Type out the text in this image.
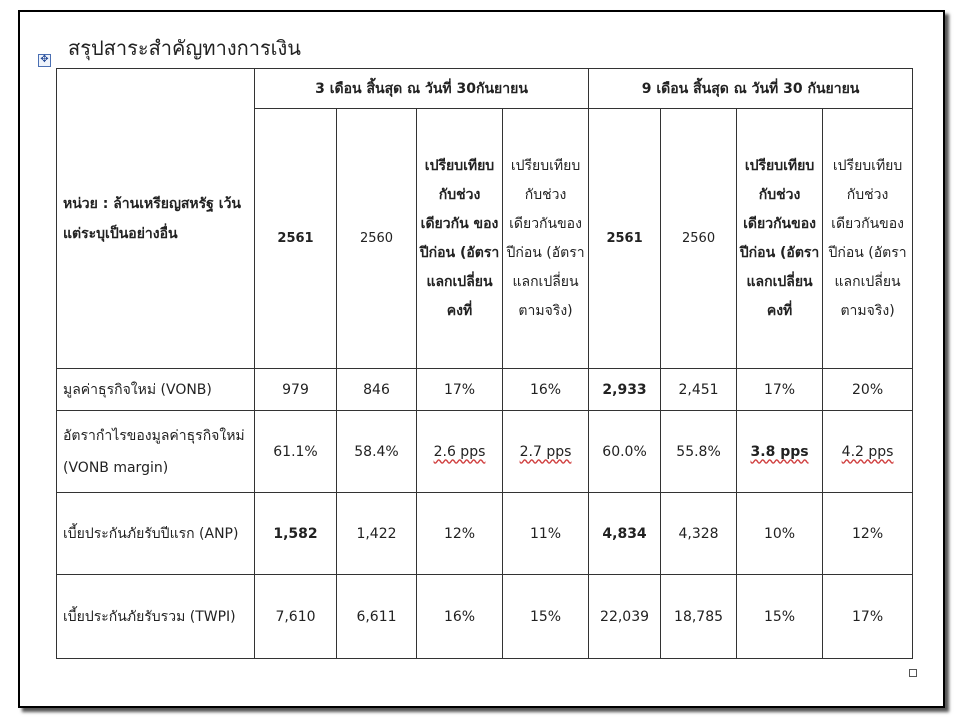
สรุปสาระสำคัญทางการเงิน
✥
หน่วย : ล้านเหรียญสหรัฐ เว้นแต่ระบุเป็นอย่างอื่น	3 เดือน สิ้นสุด ณ วันที่ 30กันยายน				9 เดือน สิ้นสุด ณ วันที่ 30 กันยายน			
	2561	2560	เปรียบเทียบ กับช่วง เดียวกัน ของปีก่อน (อัตรา แลกเปลี่ยน คงที่	เปรียบเทียบ กับช่วง เดียวกันของ ปีก่อน (อัตรา แลกเปลี่ยน ตามจริง)	2561	2560	เปรียบเทียบ กับช่วง เดียวกันของ ปีก่อน (อัตรา แลกเปลี่ยน คงที่	เปรียบเทียบ กับช่วง เดียวกันของ ปีก่อน (อัตรา แลกเปลี่ยน ตามจริง)
มูลค่าธุรกิจใหม่ (VONB)	979	846	17%	16%	2,933	2,451	17%	20%
อัตรากำไรของมูลค่าธุรกิจใหม่ (VONB margin)	61.1%	58.4%	2.6 pps	2.7 pps	60.0%	55.8%	3.8 pps	4.2 pps
เบี้ยประกันภัยรับปีแรก (ANP)	1,582	1,422	12%	11%	4,834	4,328	10%	12%
เบี้ยประกันภัยรับรวม (TWPI)	7,610	6,611	16%	15%	22,039	18,785	15%	17%
